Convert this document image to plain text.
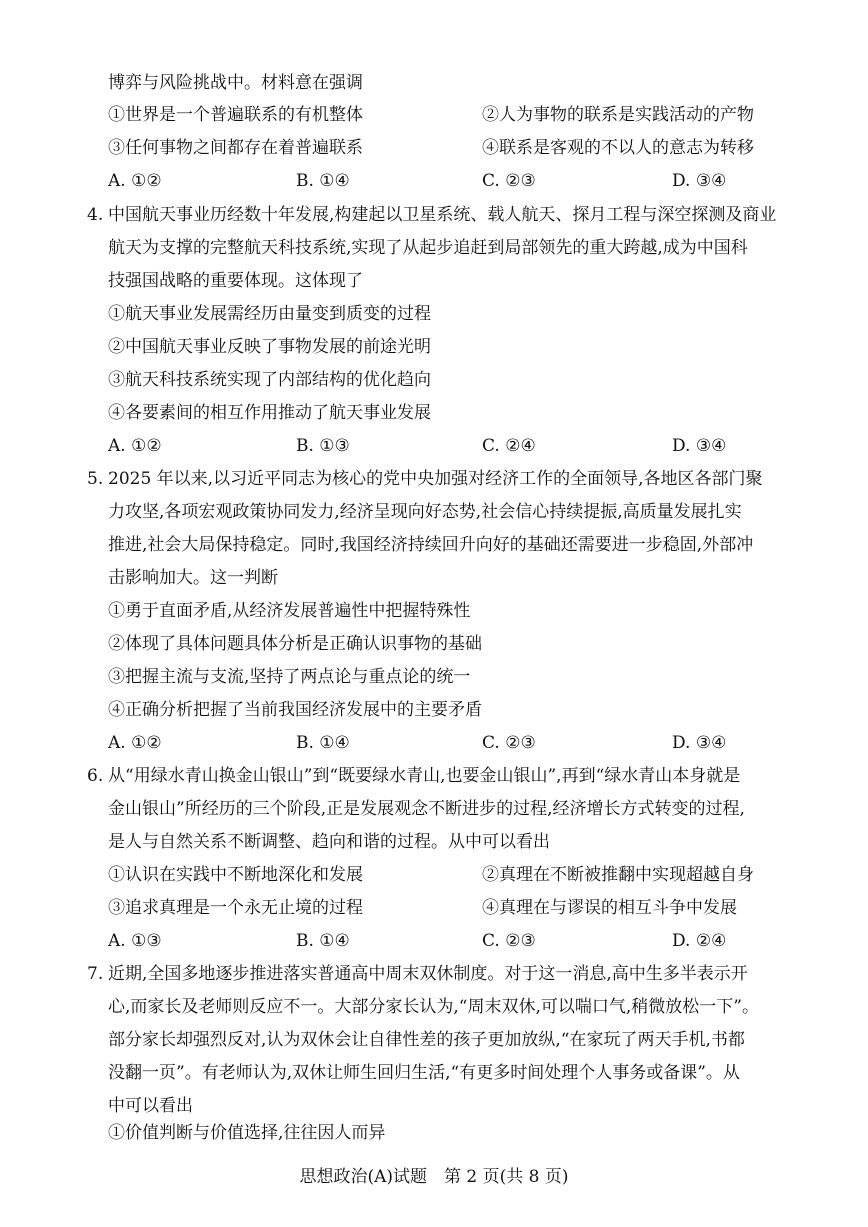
博弈与风险挑战中。材料意在强调
①世界是一个普遍联系的有机整体	②人为事物的联系是实践活动的产物
③任何事物之间都存在着普遍联系	④联系是客观的不以人的意志为转移
A. ①②	B. ①④	C. ②③	D. ③④
4. 中国航天事业历经数十年发展,构建起以卫星系统、载人航天、探月工程与深空探测及商业
航天为支撑的完整航天科技系统,实现了从起步追赶到局部领先的重大跨越,成为中国科
技强国战略的重要体现。这体现了
①航天事业发展需经历由量变到质变的过程
②中国航天事业反映了事物发展的前途光明
③航天科技系统实现了内部结构的优化趋向
④各要素间的相互作用推动了航天事业发展
A. ①②	B. ①③	C. ②④	D. ③④
5. 2025 年以来,以习近平同志为核心的党中央加强对经济工作的全面领导,各地区各部门聚
力攻坚,各项宏观政策协同发力,经济呈现向好态势,社会信心持续提振,高质量发展扎实
推进,社会大局保持稳定。同时,我国经济持续回升向好的基础还需要进一步稳固,外部冲
击影响加大。这一判断
①勇于直面矛盾,从经济发展普遍性中把握特殊性
②体现了具体问题具体分析是正确认识事物的基础
③把握主流与支流,坚持了两点论与重点论的统一
④正确分析把握了当前我国经济发展中的主要矛盾
A. ①②	B. ①④	C. ②③	D. ③④
6. 从“用绿水青山换金山银山”到“既要绿水青山,也要金山银山”,再到“绿水青山本身就是
金山银山”所经历的三个阶段,正是发展观念不断进步的过程,经济增长方式转变的过程,
是人与自然关系不断调整、趋向和谐的过程。从中可以看出
①认识在实践中不断地深化和发展	②真理在不断被推翻中实现超越自身
③追求真理是一个永无止境的过程	④真理在与谬误的相互斗争中发展
A. ①③	B. ①④	C. ②③	D. ②④
7. 近期,全国多地逐步推进落实普通高中周末双休制度。对于这一消息,高中生多半表示开
心,而家长及老师则反应不一。大部分家长认为,“周末双休,可以喘口气,稍微放松一下”。
部分家长却强烈反对,认为双休会让自律性差的孩子更加放纵,“在家玩了两天手机,书都
没翻一页”。有老师认为,双休让师生回归生活,“有更多时间处理个人事务或备课”。从
中可以看出
①价值判断与价值选择,往往因人而异
思想政治(A)试题　第 2 页(共 8 页)
